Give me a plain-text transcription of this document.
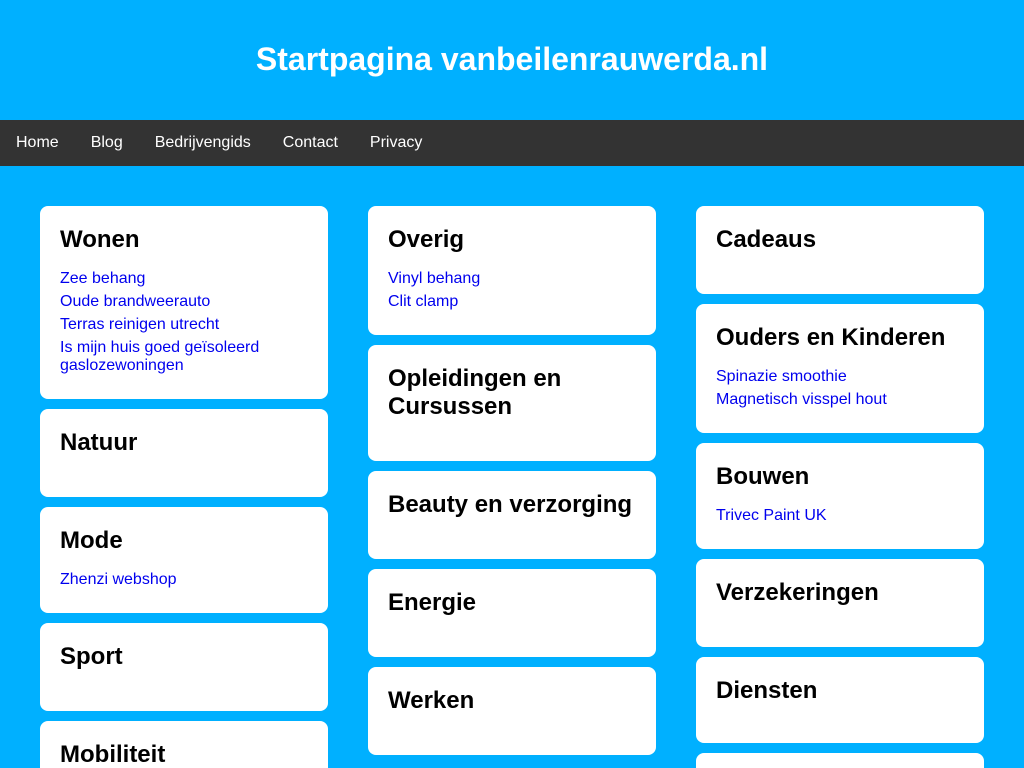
Startpagina vanbeilenrauwerda.nl
Home Blog Bedrijvengids Contact Privacy
Wonen
Zee behang
Oude brandweerauto
Terras reinigen utrecht
Is mijn huis goed geïsoleerd gaslozewoningen
Natuur
Mode
Zhenzi webshop
Sport
Mobiliteit
Overig
Vinyl behang
Clit clamp
Opleidingen en Cursussen
Beauty en verzorging
Energie
Werken
Cadeaus
Ouders en Kinderen
Spinazie smoothie
Magnetisch visspel hout
Bouwen
Trivec Paint UK
Verzekeringen
Diensten
